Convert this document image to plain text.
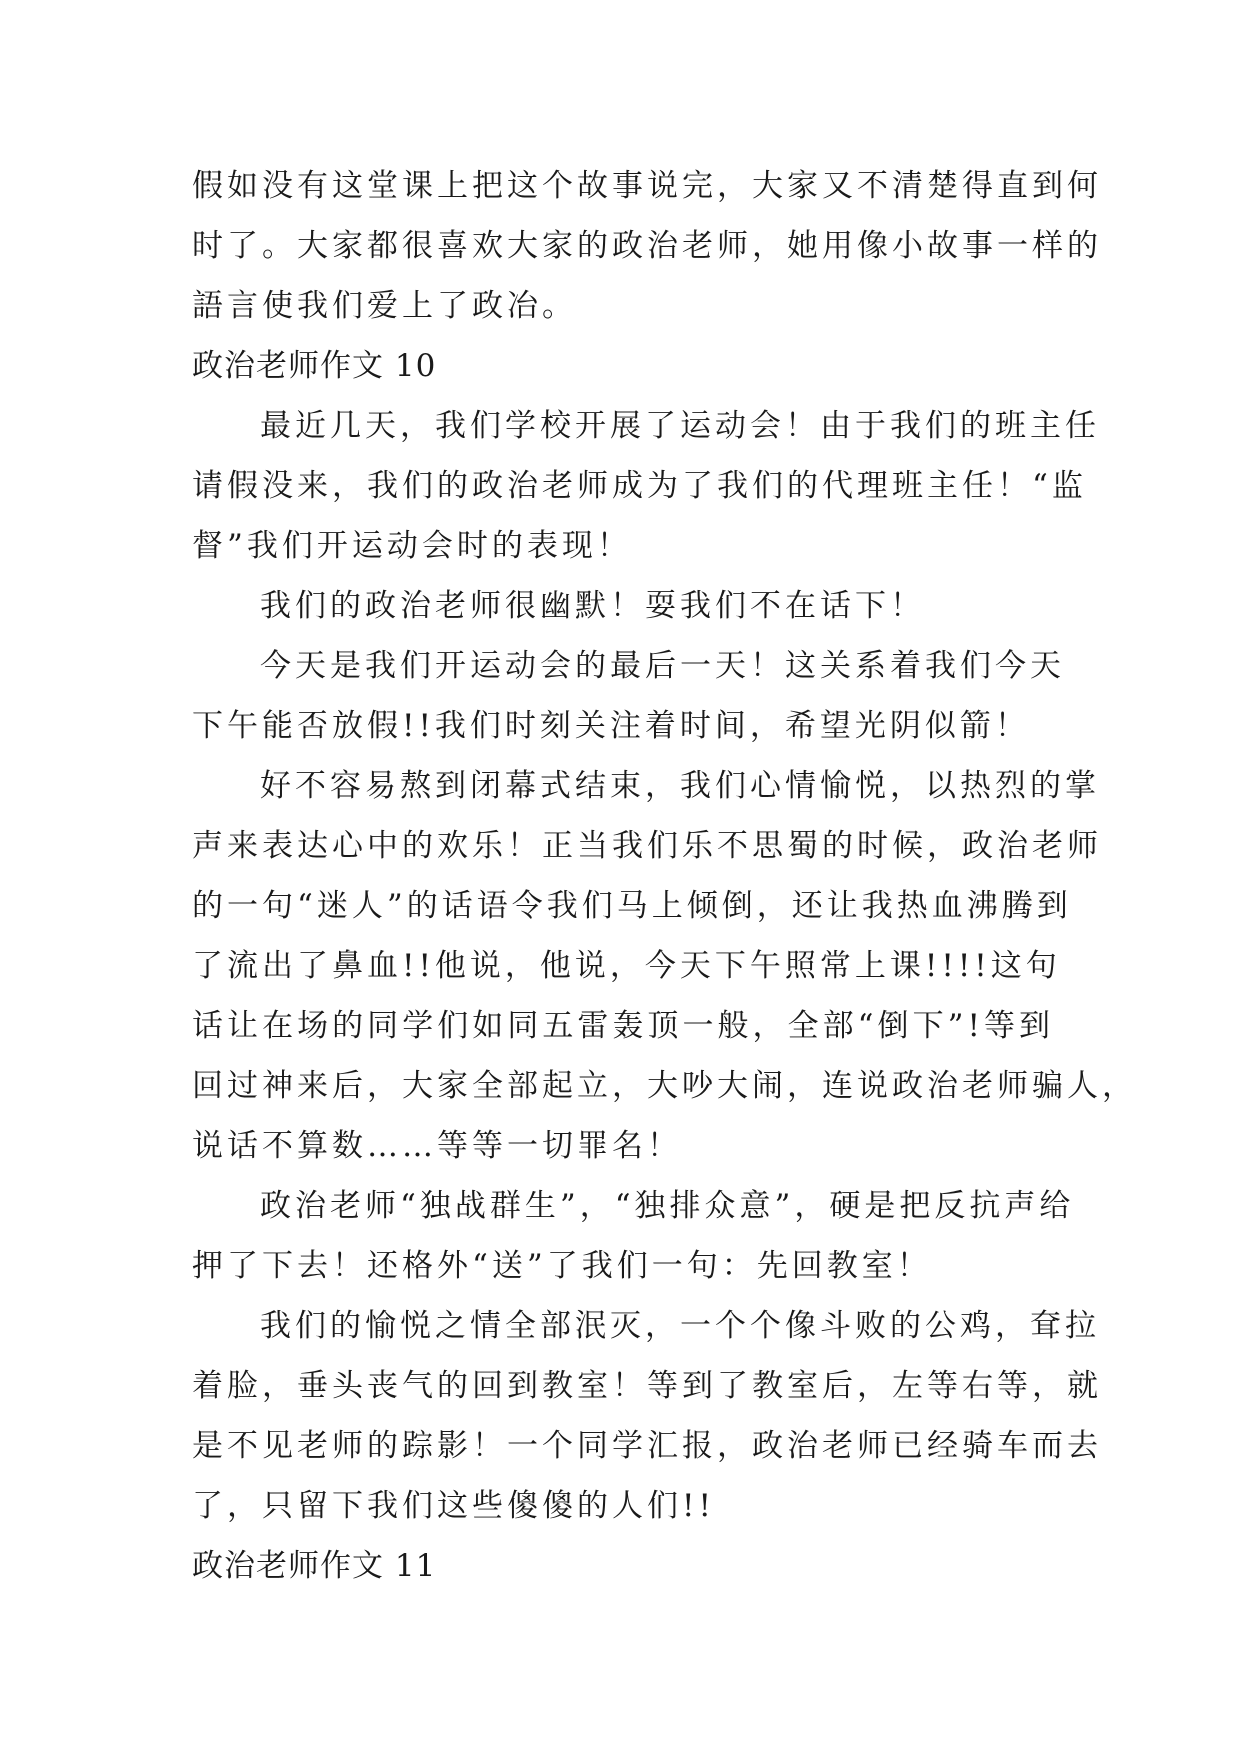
假如没有这堂课上把这个故事说完，大家又不清楚得直到何
时了。大家都很喜欢大家的政治老师，她用像小故事一样的
語言使我们爱上了政冶。
政治老师作文 10
最近几天，我们学校开展了运动会！由于我们的班主任
请假没来，我们的政治老师成为了我们的代理班主任！“监
督”我们开运动会时的表现！
我们的政治老师很幽默！耍我们不在话下！
今天是我们开运动会的最后一天！这关系着我们今天
下午能否放假!!我们时刻关注着时间，希望光阴似箭！
好不容易熬到闭幕式结束，我们心情愉悦，以热烈的掌
声来表达心中的欢乐！正当我们乐不思蜀的时候，政治老师
的一句“迷人”的话语令我们马上倾倒，还让我热血沸腾到
了流出了鼻血!!他说，他说，今天下午照常上课!!!!这句
话让在场的同学们如同五雷轰顶一般，全部“倒下”!等到
回过神来后，大家全部起立，大吵大闹，连说政治老师骗人，
说话不算数……等等一切罪名！
政治老师“独战群生”，“独排众意”，硬是把反抗声给
押了下去！还格外“送”了我们一句：先回教室！
我们的愉悦之情全部泯灭，一个个像斗败的公鸡，耷拉
着脸，垂头丧气的回到教室！等到了教室后，左等右等，就
是不见老师的踪影！一个同学汇报，政治老师已经骑车而去
了，只留下我们这些傻傻的人们!!
政治老师作文 11
